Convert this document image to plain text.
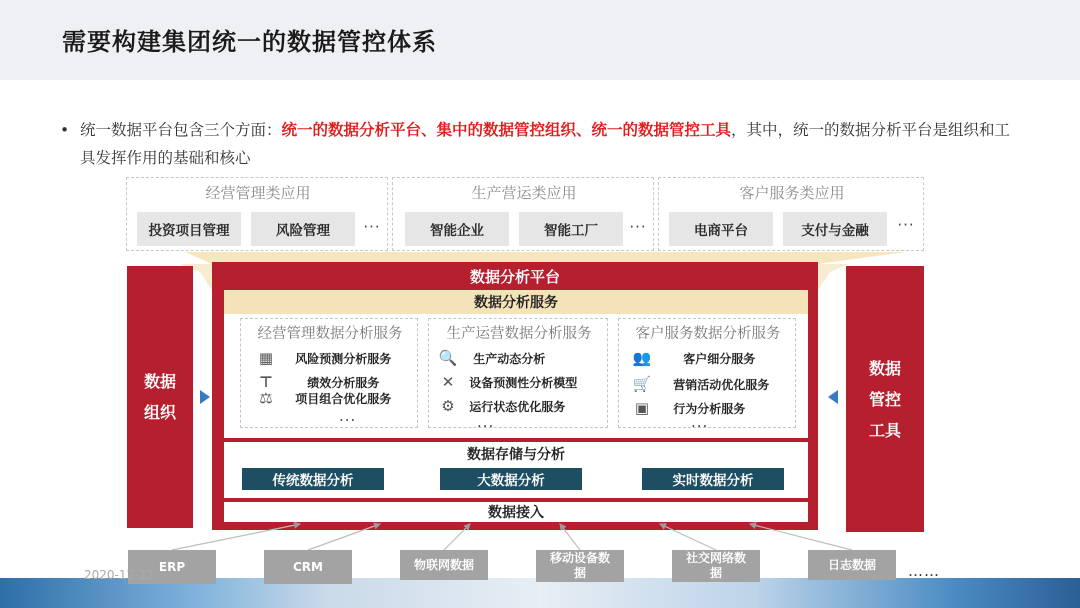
需要构建集团统一的数据管控体系
• 统一数据平台包含三个方面：统一的数据分析平台、集中的数据管控组织、统一的数据管控工具，其中，统一的数据分析平台是组织和工具发挥作用的基础和核心
经营管理类应用
投资项目管理	风险管理	···
生产营运类应用
智能企业	智能工厂	···
客户服务类应用
电商平台	支付与金融	···
数据组织
数据管控工具
数据分析平台
数据分析服务
经营管理数据分析服务
▦ 风险预测分析服务
⊤	绩效分析服务
⚖ 项目组合优化服务
...
生产运营数据分析服务
🔍 生产动态分析
✕ 设备预测性分析模型
⚙ 运行状态优化服务
...
客户服务数据分析服务
👥	客户细分服务
🛒 营销活动优化服务
▣ 行为分析服务
...
数据存储与分析
传统数据分析	大数据分析	实时数据分析
数据接入
ERP	CRM	物联网数据	移动设备数据
社交网络数据
日志数据	……
2020-12-22
